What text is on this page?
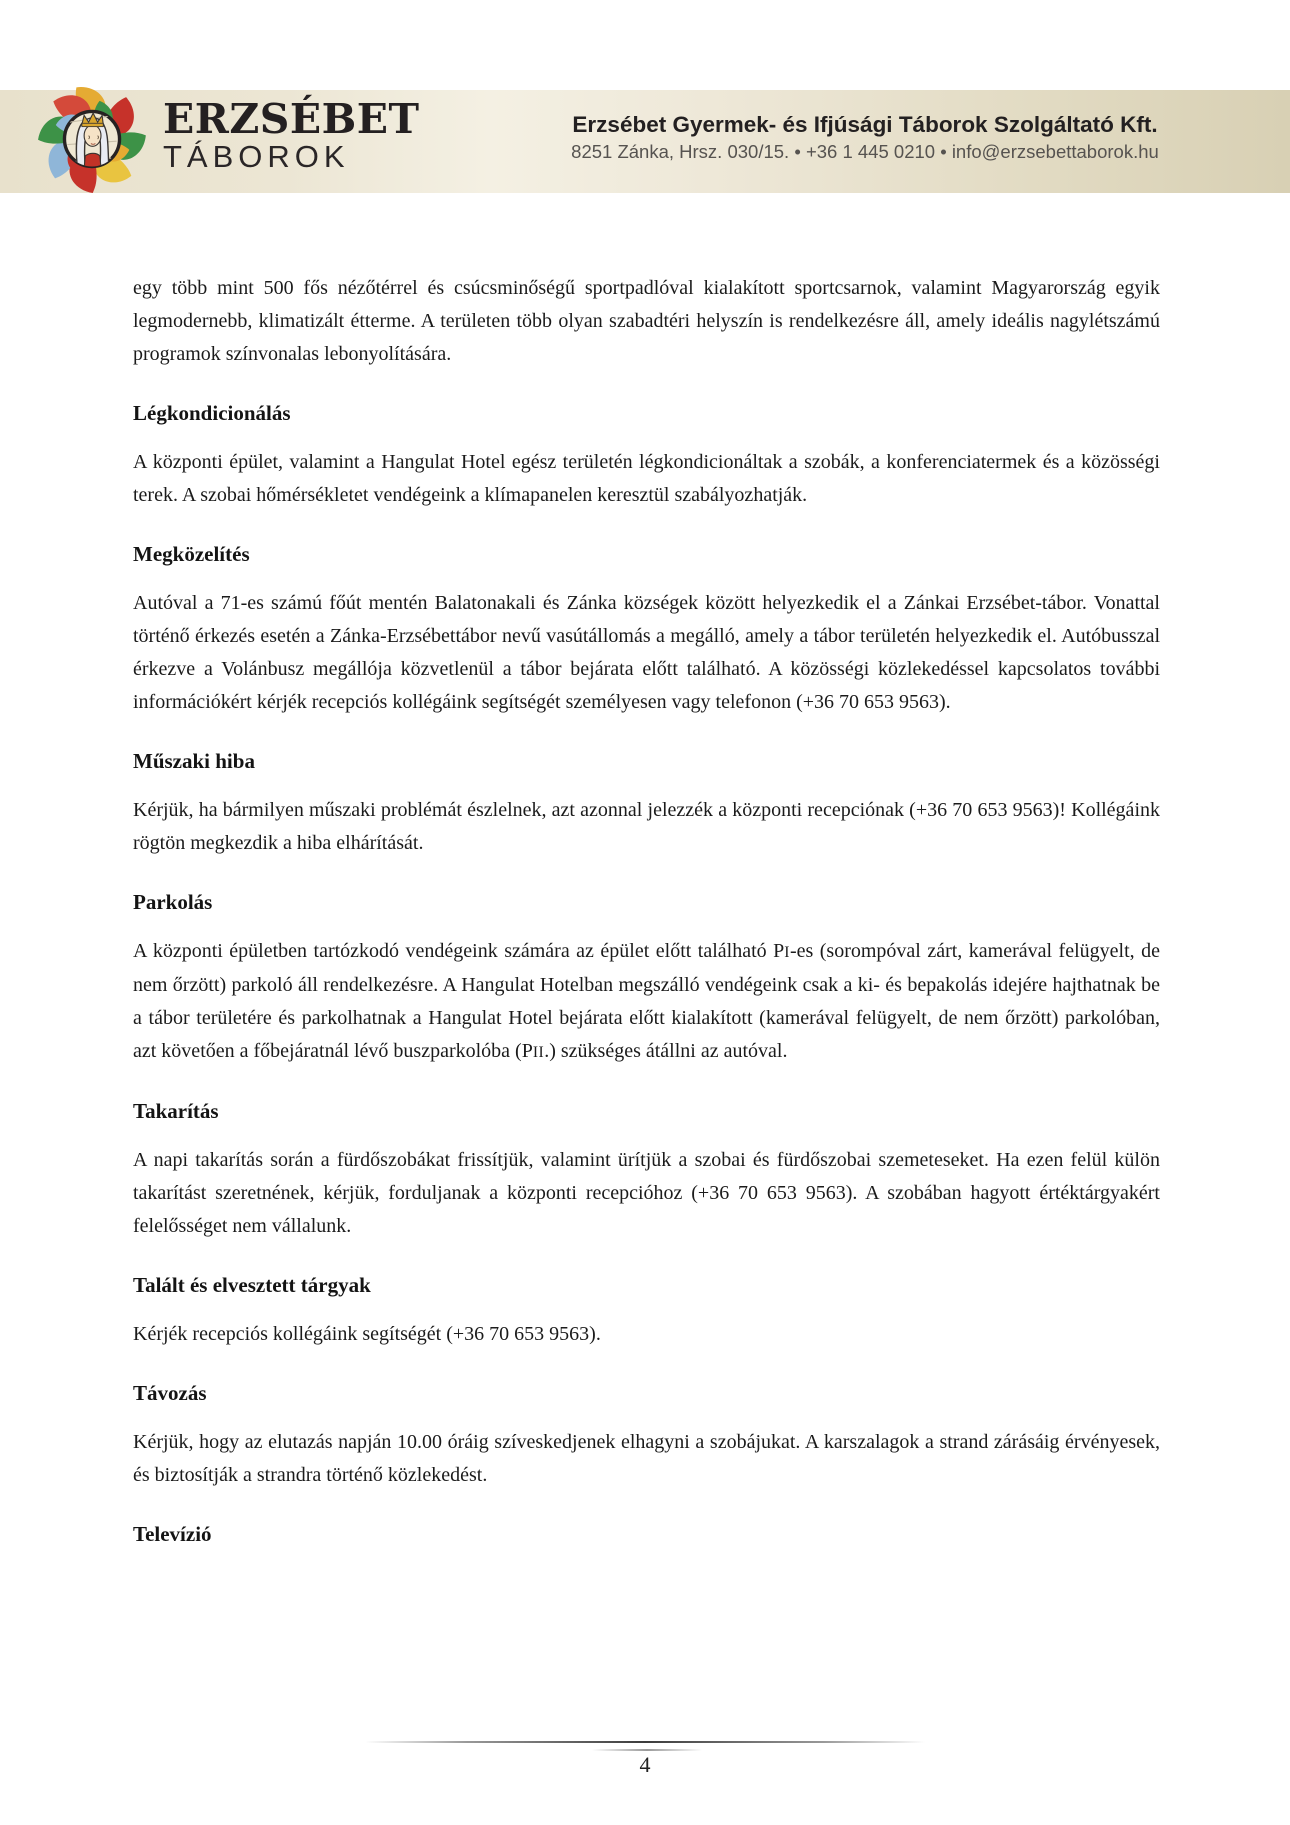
ERZSÉBET
TÁBOROK
Erzsébet Gyermek- és Ifjúsági Táborok Szolgáltató Kft.
8251 Zánka, Hrsz. 030/15. • +36 1 445 0210 • info@erzsebettaborok.hu

egy több mint 500 fős nézőtérrel és csúcsminőségű sportpadlóval kialakított sportcsarnok, valamint Magyarország egyik legmodernebb, klimatizált étterme. A területen több olyan szabadtéri helyszín is rendelkezésre áll, amely ideális nagylétszámú programok színvonalas lebonyolítására.

Légkondicionálás

A központi épület, valamint a Hangulat Hotel egész területén légkondicionáltak a szobák, a konferenciatermek és a közösségi terek. A szobai hőmérsékletet vendégeink a klímapanelen keresztül szabályozhatják.

Megközelítés

Autóval a 71-es számú főút mentén Balatonakali és Zánka községek között helyezkedik el a Zánkai Erzsébet-tábor. Vonattal történő érkezés esetén a Zánka-Erzsébettábor nevű vasútállomás a megálló, amely a tábor területén helyezkedik el. Autóbusszal érkezve a Volánbusz megállója közvetlenül a tábor bejárata előtt található. A közösségi közlekedéssel kapcsolatos további információkért kérjék recepciós kollégáink segítségét személyesen vagy telefonon (+36 70 653 9563).

Műszaki hiba

Kérjük, ha bármilyen műszaki problémát észlelnek, azt azonnal jelezzék a központi recepciónak (+36 70 653 9563)! Kollégáink rögtön megkezdik a hiba elhárítását.

Parkolás

A központi épületben tartózkodó vendégeink számára az épület előtt található PI-es (sorompóval zárt, kamerával felügyelt, de nem őrzött) parkoló áll rendelkezésre. A Hangulat Hotelban megszálló vendégeink csak a ki- és bepakolás idejére hajthatnak be a tábor területére és parkolhatnak a Hangulat Hotel bejárata előtt kialakított (kamerával felügyelt, de nem őrzött) parkolóban, azt követően a főbejáratnál lévő buszparkolóba (PII.) szükséges átállni az autóval.

Takarítás

A napi takarítás során a fürdőszobákat frissítjük, valamint ürítjük a szobai és fürdőszobai szemeteseket. Ha ezen felül külön takarítást szeretnének, kérjük, forduljanak a központi recepcióhoz (+36 70 653 9563). A szobában hagyott értéktárgyakért felelősséget nem vállalunk.

Talált és elvesztett tárgyak

Kérjék recepciós kollégáink segítségét (+36 70 653 9563).

Távozás

Kérjük, hogy az elutazás napján 10.00 óráig szíveskedjenek elhagyni a szobájukat. A karszalagok a strand zárásáig érvényesek, és biztosítják a strandra történő közlekedést.

Televízió
4
